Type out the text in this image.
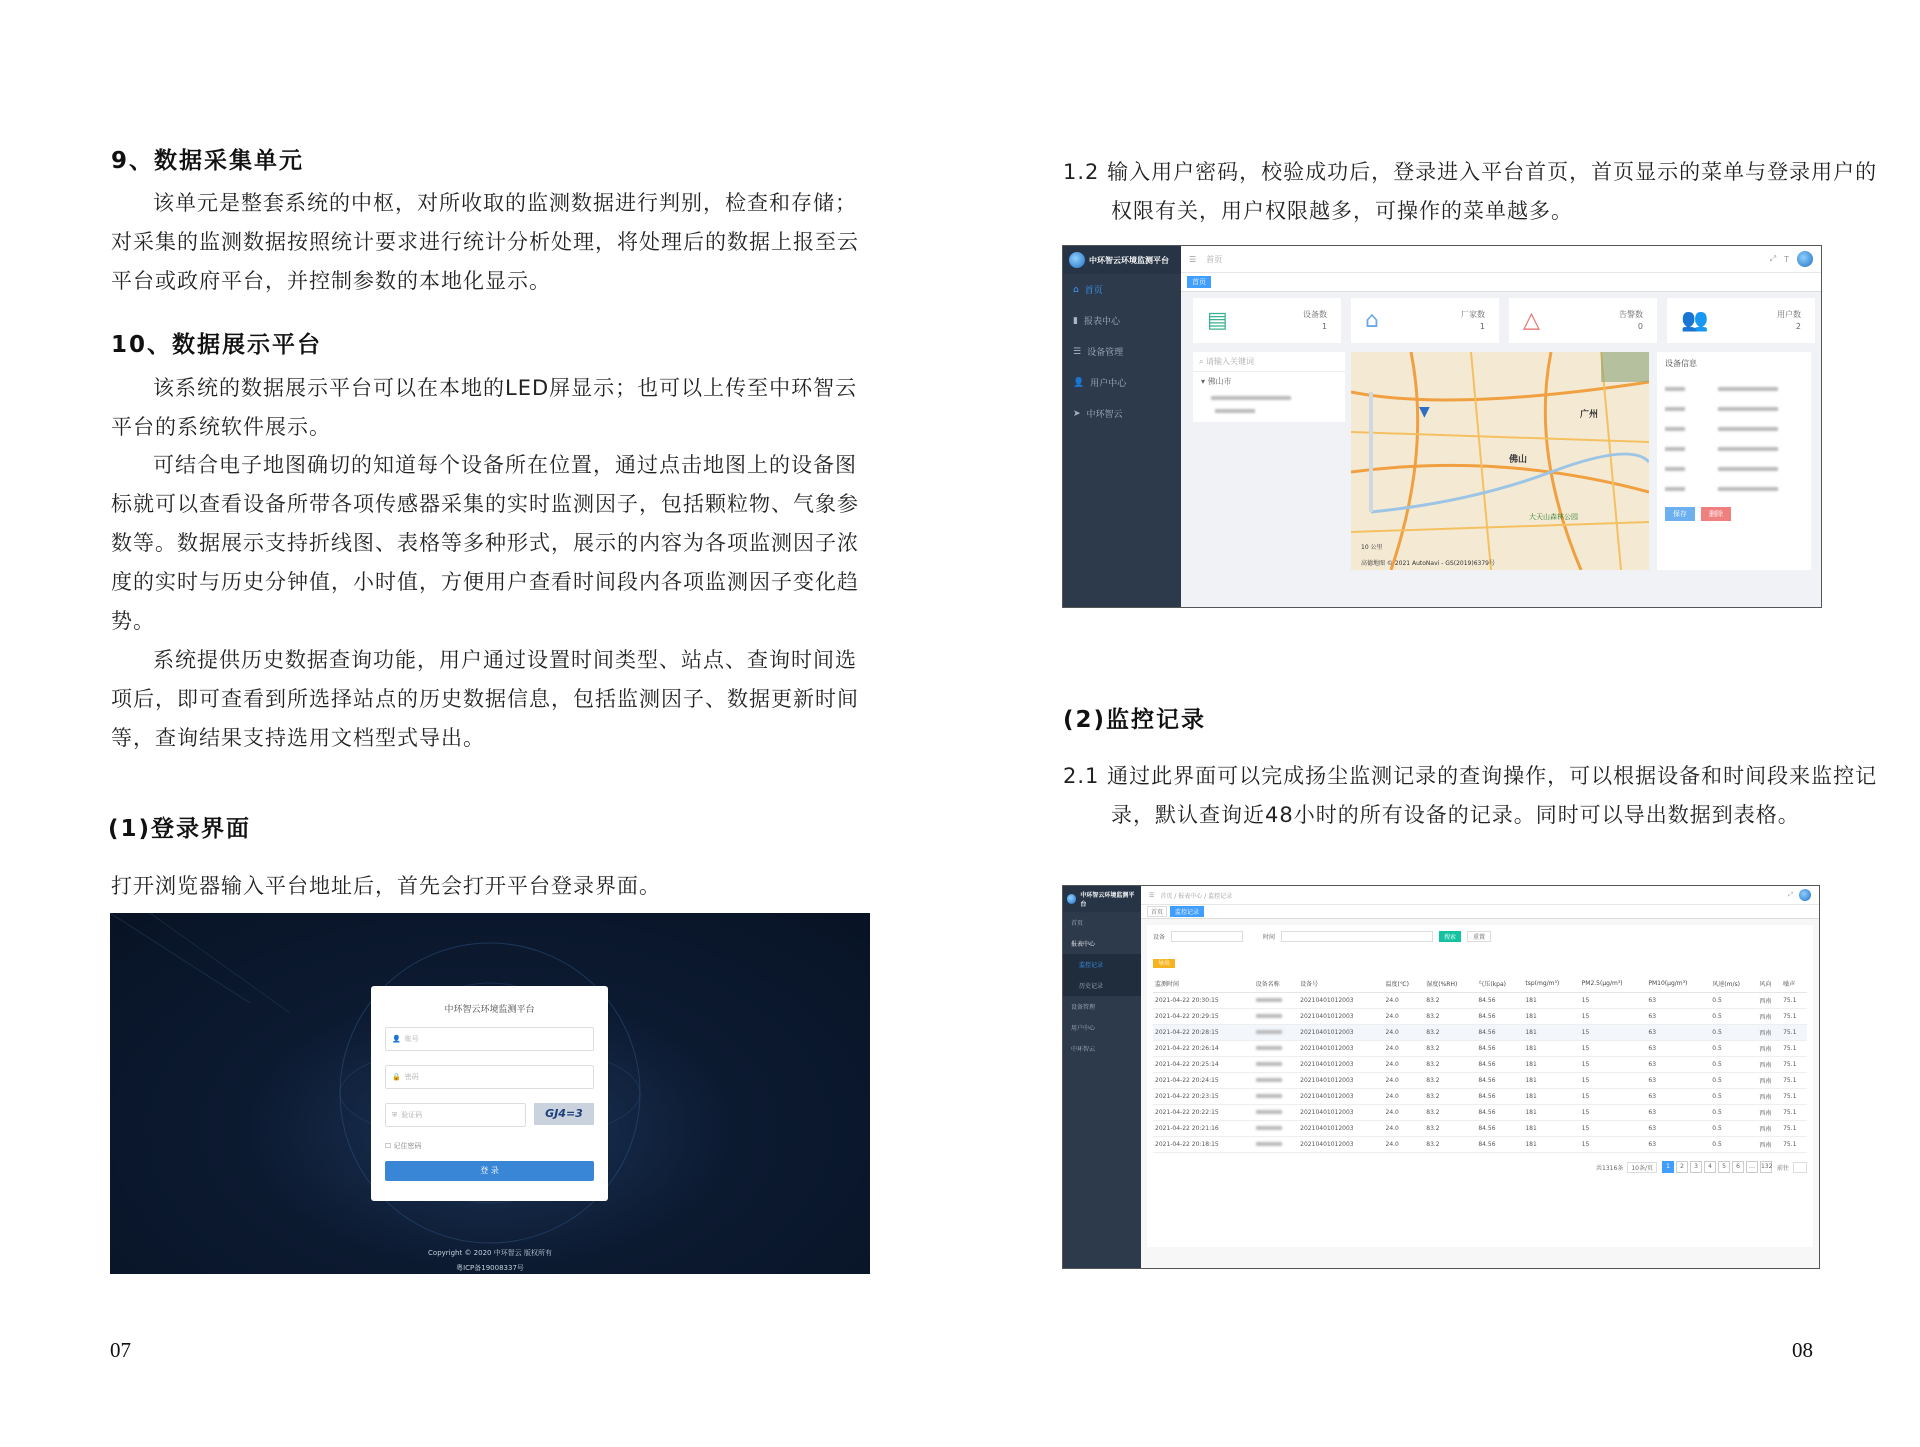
9、数据采集单元
该单元是整套系统的中枢，对所收取的监测数据进行判别，检查和存储；对采集的监测数据按照统计要求进行统计分析处理，将处理后的数据上报至云平台或政府平台，并控制参数的本地化显示。
10、数据展示平台
该系统的数据展示平台可以在本地的LED屏显示；也可以上传至中环智云平台的系统软件展示。
可结合电子地图确切的知道每个设备所在位置，通过点击地图上的设备图标就可以查看设备所带各项传感器采集的实时监测因子，包括颗粒物、气象参数等。数据展示支持折线图、表格等多种形式，展示的内容为各项监测因子浓度的实时与历史分钟值，小时值，方便用户查看时间段内各项监测因子变化趋势。
系统提供历史数据查询功能，用户通过设置时间类型、站点、查询时间选项后，即可查看到所选择站点的历史数据信息，包括监测因子、数据更新时间等，查询结果支持选用文档型式导出。
(1)登录界面
打开浏览器输入平台地址后，首先会打开平台登录界面。
中环智云环境监测平台
👤 账号
🔒 密码
⛨ 验证码	GJ4=3
☐ 记住密码
登 录
Copyright © 2020 中环智云 版权所有
粤ICP备19008337号
07
1.2 输入用户密码，校验成功后，登录进入平台首页，首页显示的菜单与登录用户的权限有关，用户权限越多，可操作的菜单越多。
中环智云环境监测平台
⌂ 首页
▮ 报表中心
☰ 设备管理
👤 用户中心
➤ 中环智云
☰ 首页	⤢ T
首页
▤	设备数
1 ⌂	厂家数
1 △	告警数
0 👥	用户数
2
⌕ 请输入关键词
▾ 佛山市
广州
佛山
大天山森林公园
▼
10 公里
高德地图 © 2021 AutoNavi - GS(2019)6379号
设备信息

保存	删除
(2)监控记录
2.1 通过此界面可以完成扬尘监测记录的查询操作，可以根据设备和时间段来监控记录，默认查询近48小时的所有设备的记录。同时可以导出数据到表格。
中环智云环境监测平台
首页
报表中心
监控记录
历史记录
设备管理
用户中心
中环智云
☰ 首页 / 报表中心 / 监控记录	⤢
首页	监控记录
设备	时间	搜索	重置
导出
监测时间	设备名称	设备号	温度(℃)	湿度(%RH)	气压(kpa)	tsp(mg/m³)	PM2.5(μg/m³)	PM10(μg/m³)	风速(m/s)	风向	噪声
2021-04-22 20:30:15		20210401012003	24.0	83.2	84.56	181	15	63	0.5	西南	75.1
2021-04-22 20:29:15		20210401012003	24.0	83.2	84.56	181	15	63	0.5	西南	75.1
2021-04-22 20:28:15		20210401012003	24.0	83.2	84.56	181	15	63	0.5	西南	75.1
2021-04-22 20:26:14		20210401012003	24.0	83.2	84.56	181	15	63	0.5	西南	75.1
2021-04-22 20:25:14		20210401012003	24.0	83.2	84.56	181	15	63	0.5	西南	75.1
2021-04-22 20:24:15		20210401012003	24.0	83.2	84.56	181	15	63	0.5	西南	75.1
2021-04-22 20:23:15		20210401012003	24.0	83.2	84.56	181	15	63	0.5	西南	75.1
2021-04-22 20:22:15		20210401012003	24.0	83.2	84.56	181	15	63	0.5	西南	75.1
2021-04-22 20:21:16		20210401012003	24.0	83.2	84.56	181	15	63	0.5	西南	75.1
2021-04-22 20:18:15		20210401012003	24.0	83.2	84.56	181	15	63	0.5	西南	75.1
共1316条	10条/页	1 2 3 4 5 6 … 132 前往
08
